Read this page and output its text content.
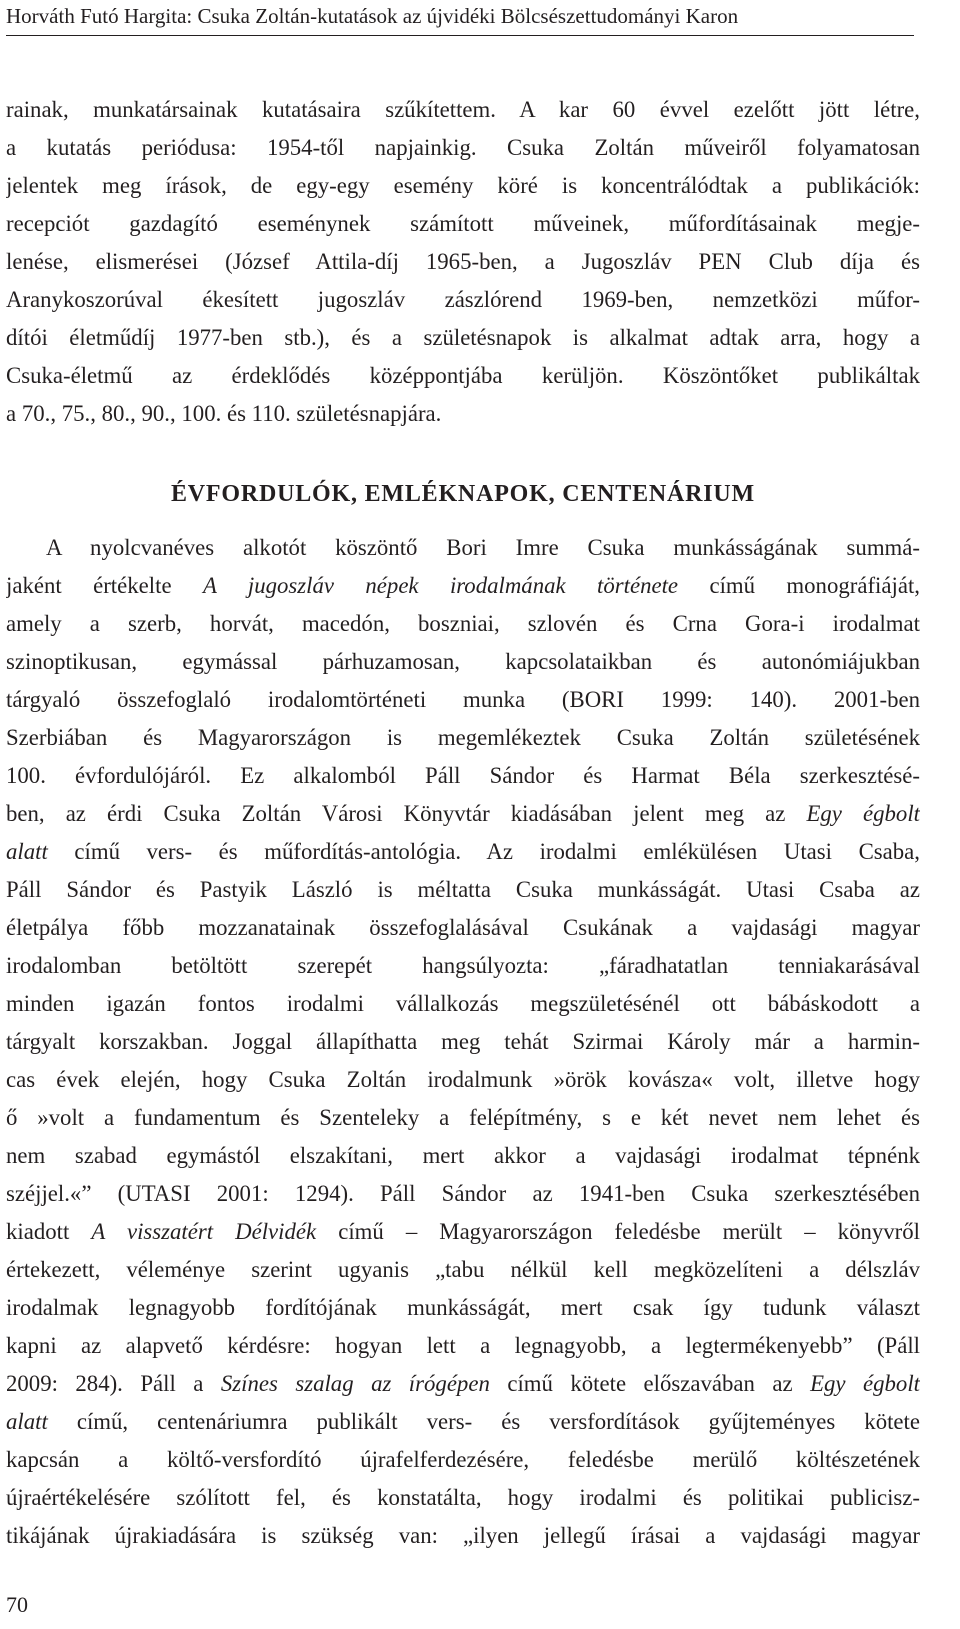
Horváth Futó Hargita: Csuka Zoltán-kutatások az újvidéki Bölcsészettudományi Karon
rainak, munkatársainak kutatásaira szűkítettem. A kar 60 évvel ezelőtt jött létre,
a kutatás periódusa: 1954-től napjainkig. Csuka Zoltán műveiről folyamatosan
jelentek meg írások, de egy-egy esemény köré is koncentrálódtak a publikációk:
recepciót gazdagító eseménynek számított műveinek, műfordításainak megje-
lenése, elismerései (József Attila-díj 1965-ben, a Jugoszláv PEN Club díja és
Aranykoszorúval ékesített jugoszláv zászlórend 1969-ben, nemzetközi műfor-
dítói életműdíj 1977-ben stb.), és a születésnapok is alkalmat adtak arra, hogy a
Csuka-életmű az érdeklődés középpontjába kerüljön. Köszöntőket publikáltak
a 70., 75., 80., 90., 100. és 110. születésnapjára.
ÉVFORDULÓK, EMLÉKNAPOK, CENTENÁRIUM
A nyolcvanéves alkotót köszöntő Bori Imre Csuka munkásságának summá-
jaként értékelte A jugoszláv népek irodalmának története című monográfiáját,
amely a szerb, horvát, macedón, boszniai, szlovén és Crna Gora-i irodalmat
szinoptikusan, egymással párhuzamosan, kapcsolataikban és autonómiájukban
tárgyaló összefoglaló irodalomtörténeti munka (BORI 1999: 140). 2001-ben
Szerbiában és Magyarországon is megemlékeztek Csuka Zoltán születésének
100. évfordulójáról. Ez alkalomból Páll Sándor és Harmat Béla szerkesztésé-
ben, az érdi Csuka Zoltán Városi Könyvtár kiadásában jelent meg az Egy égbolt
alatt című vers- és műfordítás-antológia. Az irodalmi emlékülésen Utasi Csaba,
Páll Sándor és Pastyik László is méltatta Csuka munkásságát. Utasi Csaba az
életpálya főbb mozzanatainak összefoglalásával Csukának a vajdasági magyar
irodalomban betöltött szerepét hangsúlyozta: „fáradhatatlan tenniakarásával
minden igazán fontos irodalmi vállalkozás megszületésénél ott bábáskodott a
tárgyalt korszakban. Joggal állapíthatta meg tehát Szirmai Károly már a harmin-
cas évek elején, hogy Csuka Zoltán irodalmunk »örök kovásza« volt, illetve hogy
ő »volt a fundamentum és Szenteleky a felépítmény, s e két nevet nem lehet és
nem szabad egymástól elszakítani, mert akkor a vajdasági irodalmat tépnénk
széjjel.«” (UTASI 2001: 1294). Páll Sándor az 1941-ben Csuka szerkesztésében
kiadott A visszatért Délvidék című – Magyarországon feledésbe merült – könyvről
értekezett, véleménye szerint ugyanis „tabu nélkül kell megközelíteni a délszláv
irodalmak legnagyobb fordítójának munkásságát, mert csak így tudunk választ
kapni az alapvető kérdésre: hogyan lett a legnagyobb, a legtermékenyebb” (Páll
2009: 284). Páll a Színes szalag az írógépen című kötete előszavában az Egy égbolt
alatt című, centenáriumra publikált vers- és versfordítások gyűjteményes kötete
kapcsán a költő-versfordító újrafelferdezésére, feledésbe merülő költészetének
újraértékelésére szólított fel, és konstatálta, hogy irodalmi és politikai publicisz-
tikájának újrakiadására is szükség van: „ilyen jellegű írásai a vajdasági magyar
70
